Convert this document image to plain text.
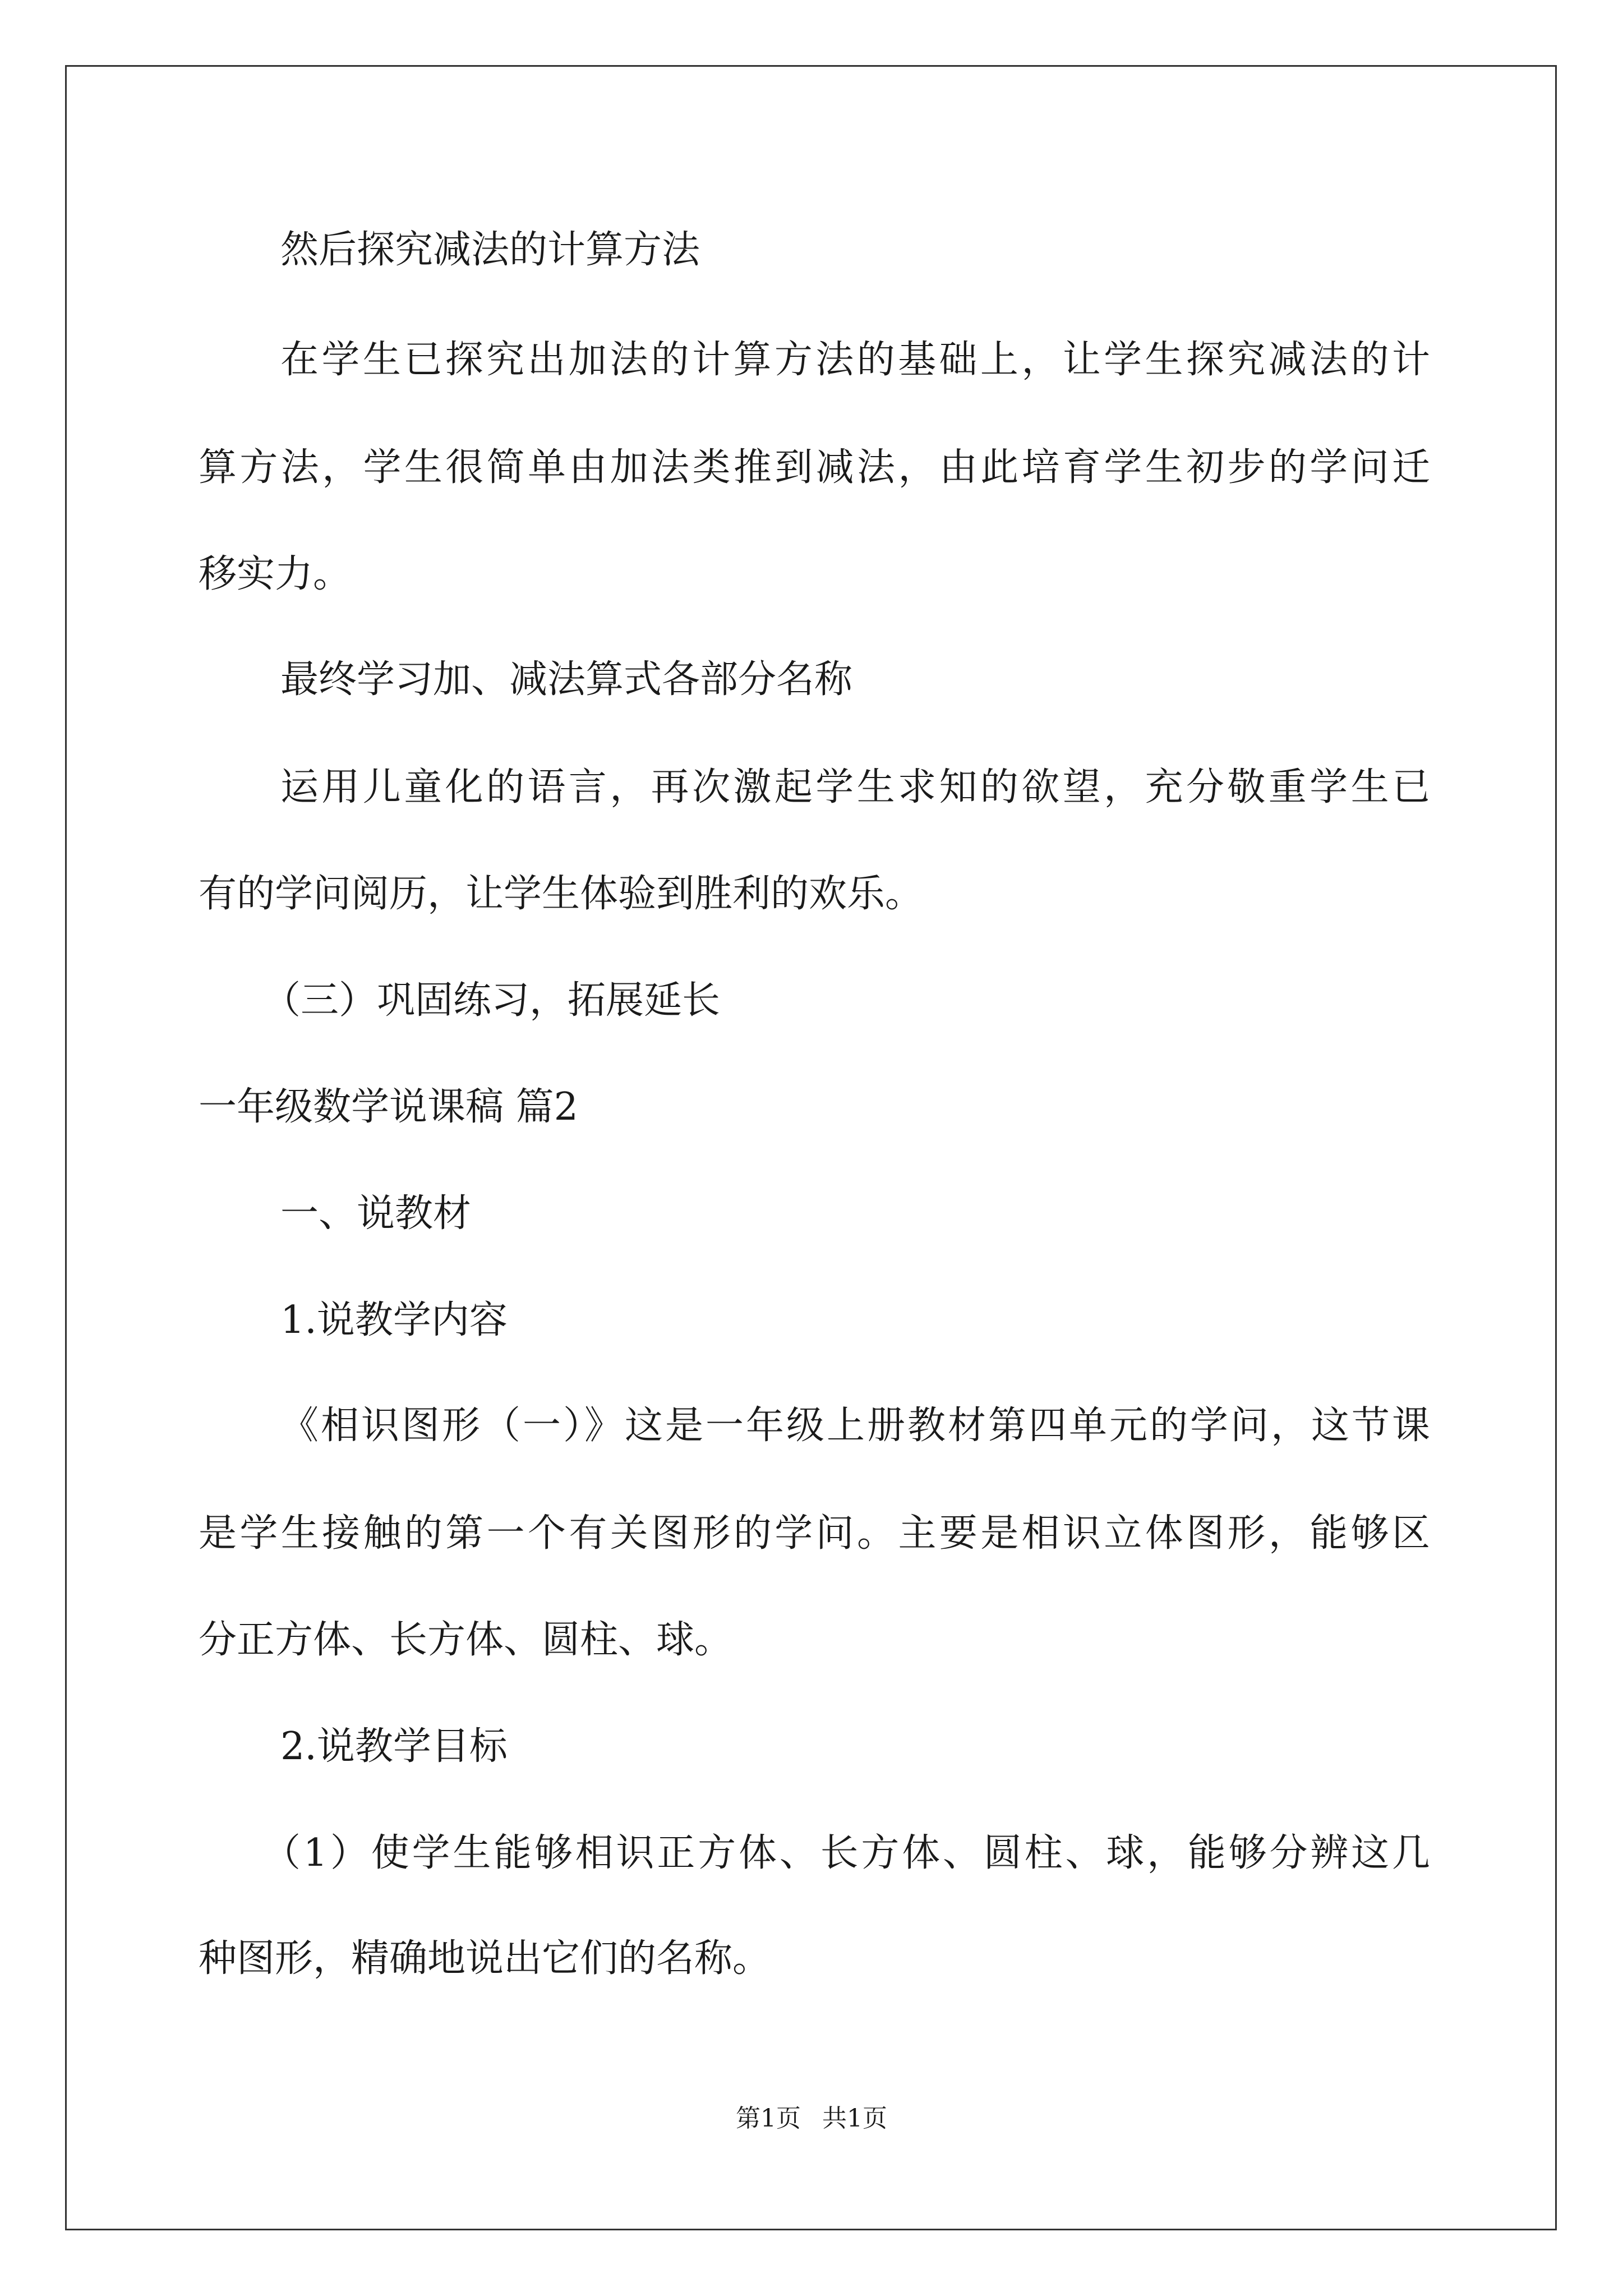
然后探究减法的计算方法

在学生已探究出加法的计算方法的基础上，让学生探究减法的计

算方法，学生很简单由加法类推到减法，由此培育学生初步的学问迁

移实力。

最终学习加、减法算式各部分名称

运用儿童化的语言，再次激起学生求知的欲望，充分敬重学生已

有的学问阅历，让学生体验到胜利的欢乐。

（三）巩固练习，拓展延长

一年级数学说课稿 篇2

一、说教材

1.说教学内容

《相识图形（一）》这是一年级上册教材第四单元的学问，这节课

是学生接触的第一个有关图形的学问。主要是相识立体图形，能够区

分正方体、长方体、圆柱、球。

2.说教学目标

（1）使学生能够相识正方体、长方体、圆柱、球，能够分辨这几

种图形，精确地说出它们的名称。

第1页 共1页
